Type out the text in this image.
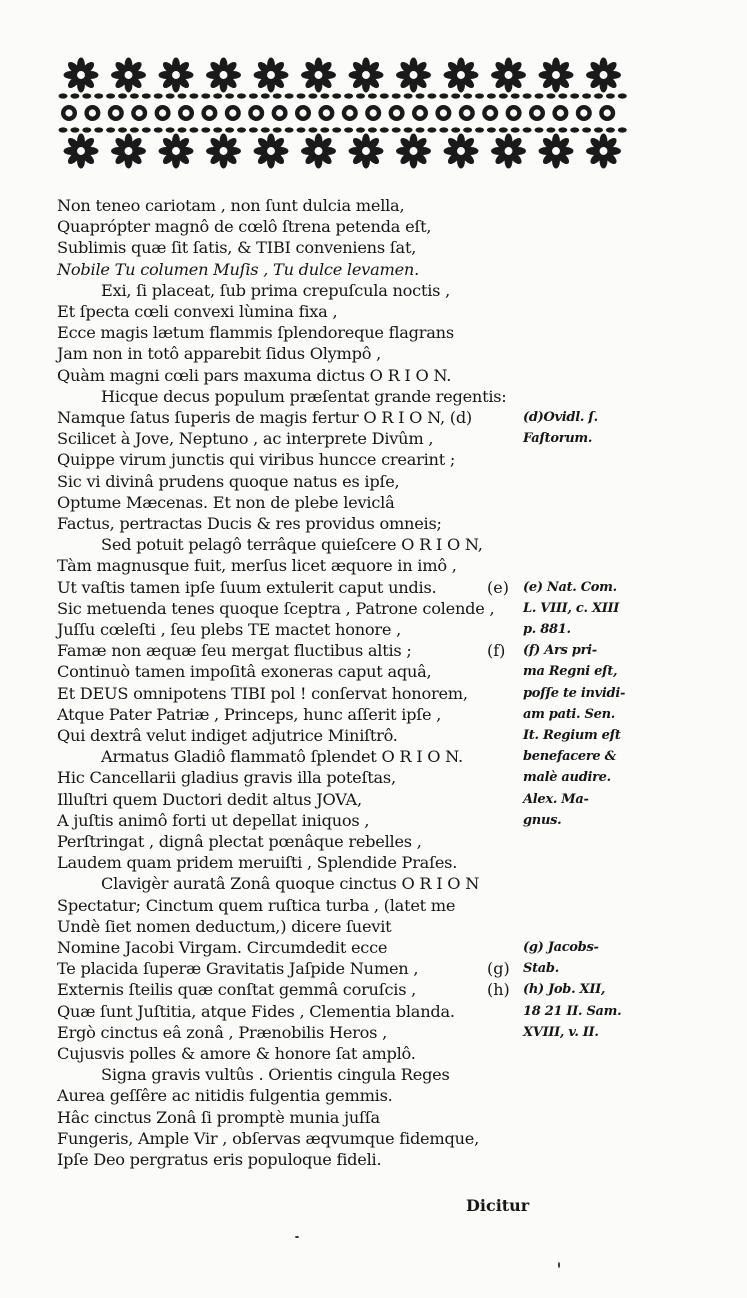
Non teneo cariotam , non ſunt dulcia mella,
Quaprópter magnô de cœlô ſtrena petenda eſt,
Sublimis quæ ſit ſatis, & TIBI conveniens ſat,
Nobile Tu columen Muſis , Tu dulce levamen.
Exi, ſi placeat, ſub prima crepuſcula noctis ,
Et ſpecta cœli convexi lùmina fixa ,
Ecce magis lætum flammis ſplendoreque flagrans
Jam non in totô apparebit ſidus Olympô ,
Quàm magni cœli pars maxuma dictus O R I O N.
Hicque decus populum præſentat grande regentis:
Namque ſatus ſuperis de magis fertur O R I O N, (d)
Scilicet à Jove, Neptuno , ac interprete Divûm ,
Quippe virum junctis qui viribus huncce crearint ;
Sic vi divinâ prudens quoque natus es ipſe,
Optume Mæcenas. Et non de plebe leviclâ
Factus, pertractas Ducis & res providus omneis;
Sed potuit pelagô terrâque quieſcere O R I O N,
Tàm magnusque fuit, merſus licet æquore in imô ,
Ut vaſtis tamen ipſe ſuum extulerit caput undis.
Sic metuenda tenes quoque ſceptra , Patrone colende ,
Juſſu cœleſti , ſeu plebs TE mactet honore ,
Famæ non æquæ ſeu mergat fluctibus altis ;
Continuò tamen impoſitâ exoneras caput aquâ,
Et DEUS omnipotens TIBI pol ! conſervat honorem,
Atque Pater Patriæ , Princeps, hunc aſſerit ipſe ,
Qui dextrâ velut indiget adjutrice Miniſtrô.
Armatus Gladiô flammatô ſplendet O R I O N.
Hic Cancellarii gladius gravis illa poteſtas,
Illuſtri quem Ductori dedit altus JOVA,
A juſtis animô forti ut depellat iniquos ,
Perſtringat , dignâ plectat pœnâque rebelles ,
Laudem quam pridem meruiſti , Splendide Praſes.
Clavigèr auratâ Zonâ quoque cinctus O R I O N
Spectatur; Cinctum quem ruſtica turba , (latet me
Undè ſiet nomen deductum,) dicere ſuevit
Nomine Jacobi Virgam. Circumdedit ecce
Te placida ſuperæ Gravitatis Jaſpide Numen ,
Externis ſteilis quæ conſtat gemmâ coruſcis ,
Quæ ſunt Juſtitia, atque Fides , Clementia blanda.
Ergò cinctus eâ zonâ , Prænobilis Heros ,
Cujusvis polles & amore & honore ſat amplô.
Signa gravis vultûs . Orientis cingula Reges
Aurea geſſêre ac nitidis fulgentia gemmis.
Hâc cinctus Zonâ ſi promptè munia juſſa
Fungeris, Ample Vir , obſervas æqvumque fidemque,
Ipſe Deo pergratus eris populoque fideli.
(d)Ovidl. ſ.
Faſtorum.
(e) Nat. Com.
L. VIII, c. XIII
p. 881.
(f) Ars pri-
ma Regni eſt,
poſſe te invidi-
am pati. Sen.
It. Regium eſt
benefacere &
malè audire.
Alex. Ma-
gnus.
(g) Jacobs-
Stab.
(h) Job. XII,
18 21 II. Sam.
XVIII, v. II.
(e)
(f)
(g)
(h)
Dicitur
